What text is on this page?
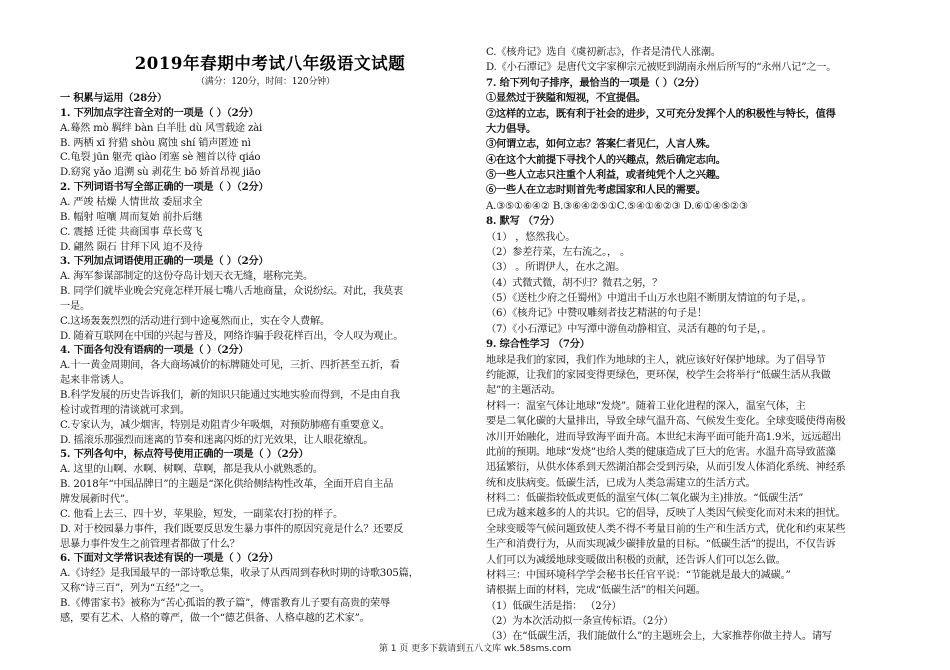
2019年春期中考试八年级语文试题
（满分：120分，时间：120分钟）
一 积累与运用（28分）
1. 下列加点字注音全对的一项是（ ）（2分）
A.蓦然 mò 羁绊 bàn 白羊肚 dù 风雪载途 zài
B. 两栖 xī 狩猎 shòu 腐蚀 shí 销声匿迹 nì
C.龟裂 jūn 躯壳 qiào 闭塞 sè 翘首以待 qiáo
D.窈窕 yǎo 追溯 sù 剥花生 bō 娇首昂视 jiāo
2. 下列词语书写全部正确的一项是（ ）（2分）
A. 严竣 枯燥 人情世故 委屈求全
B. 幅射 喧嚷 周而复始 前扑后继
C. 震撼 迁徙 共商国事 草长莺飞
D. 翩然 陨石 甘拜下风 迫不及待
3. 下列加点词语使用正确的一项是（ ）（2分）
A. 海军参谋部制定的这份夺岛计划天衣无缝，堪称完美。
B. 同学们就毕业晚会究竟怎样开展七嘴八舌地商量，众说纷纭。对此，我莫衷
一是。
C.这场轰轰烈烈的活动进行到中途戛然而止，实在令人费解。
D. 随着互联网在中国的兴起与普及，网络诈骗手段花样百出，令人叹为观止。
4. 下面各句没有语病的一项是（ ）（2分）
A.十一黄金周期间，各大商场减价的标牌随处可见，三折、四折甚至五折，看
起来非常诱人。
B.科学发展的历史告诉我们，新的知识只能通过实地实验而得到，不是由自我
检讨或哲理的清谈就可求到。
C.专家认为，减少烟害，特别是劝阻青少年吸烟，对预防肺癌有重要意义。
D. 摇滚乐那强烈而迷离的节奏和迷离闪烁的灯光效果，让人眼花缭乱。
5. 下列各句中，标点符号使用正确的一项是（ ）（2分）
A. 这里的山啊、水啊、树啊、草啊，都是我从小就熟悉的。
B. 2018年“中国品牌日”的主题是“深化供给侧结构性改革，全面开启自主品
牌发展新时代”。
C. 他看上去三、四十岁，苹果脸，短发，一副菜农打扮的样子。
D. 对于校园暴力事件，我们既要反思发生暴力事件的原因究竟是什么？还要反
思暴力事件发生之前管理者都做了什么？
6. 下面对文学常识表述有误的一项是（ ）（2分）
A.《诗经》是我国最早的一部诗歌总集，收录了从西周到春秋时期的诗歌305篇，
又称“诗三百”，列为“五经”之一。
B.《傅雷家书》被称为“苦心孤诣的教子篇”，傅雷教育儿子要有高贵的荣辱
感，要有艺术、人格的尊严，做一个“德艺俱备、人格卓越的艺术家”。
C.《核舟记》选自《虞初新志》，作者是清代人涨潮。
D.《小石潭记》是唐代文字家柳宗元被贬到湖南永州后所写的“永州八记”之一。
7. 给下列句子排序，最恰当的一项是（ ）（2分）
①显然过于狭隘和短视，不宜提倡。
②这样的立志，既有利于社会的进步，又可充分发挥个人的积极性与特长，值得
大力倡导。
③何谓立志，如何立志？答案仁者见仁，人言人殊。
④在这个大前提下寻找个人的兴趣点，然后确定志向。
⑤一些人立志只注重个人利益，或者纯凭个人之兴趣。
⑥一些人在立志时则首先考虑国家和人民的需要。
A.③⑤①⑥④② B.③⑥④②⑤①C.⑤④①⑥②③ D.⑥①④⑤②③
8. 默写 （7分）
（1） ，悠然我心。
（2）参差荇菜，左右流之。， 。
（3） 。所谓伊人，在水之湄。
（4）式微式微，胡不归？微君之躬，？
（5）《送杜少府之任蜀州》中道出千山万水也阻不断朋友情谊的句子是，。
（6）《核舟记》中赞叹雕刻者技艺精湛的句子是！
（7）《小石潭记》中写潭中游鱼动静相宜、灵活有趣的句子是，。
9. 综合性学习 （7分）
地球是我们的家园，我们作为地球的主人，就应该好好保护地球。为了倡导节
约能源，让我们的家园变得更绿色，更环保，校学生会将举行“低碳生活从我做
起”的主题活动。
材料一：温室气体让地球“发烧”。随着工业化进程的深入，温室气体，主
要是二氧化碳的大量排出，导致全球气温升高、气候发生变化。全球变暖使得南极
冰川开始融化，进而导致海平面升高。本世纪末海平面可能升高1.9米，远远超出
此前的预期。地球“发烧”也给人类的健康造成了巨大的危害。水温升高导致蓝藻
迅猛繁衍，从供水体系到天然湖泊都会受到污染，从而引发人体消化系统、神经系
统和皮肤病变。低碳生活，已成为人类急需建立的生活方式。
材料二：低碳指较低或更低的温室气体(二氧化碳为主)排放。“低碳生活”
已成为越来越多的人的共识。它的倡导，反映了人类因气候变化而对未来的担忧。
全球变暖等气候问题致使人类不得不考量目前的生产和生活方式，优化和约束某些
生产和消费行为，从而实现减少碳排放量的目标。“低碳生活”的提出，不仅告诉
人们可以为减缓地球变暖做出积极的贡献，还告诉人们可以怎么做。
材料三：中国环境科学学会秘书长任官平说：“节能就是最大的减碳。”
请根据上面的材料，完成“低碳生活”的相关问题。
（1）低碳生活是指： （2分）
（2）为本次活动拟一条宣传标语。（2分）
（3）在“低碳生活，我们能做什么”的主题班会上，大家推荐你做主持人。请写
第 1 页 更多下载请到五八文库 wk.58sms.com
